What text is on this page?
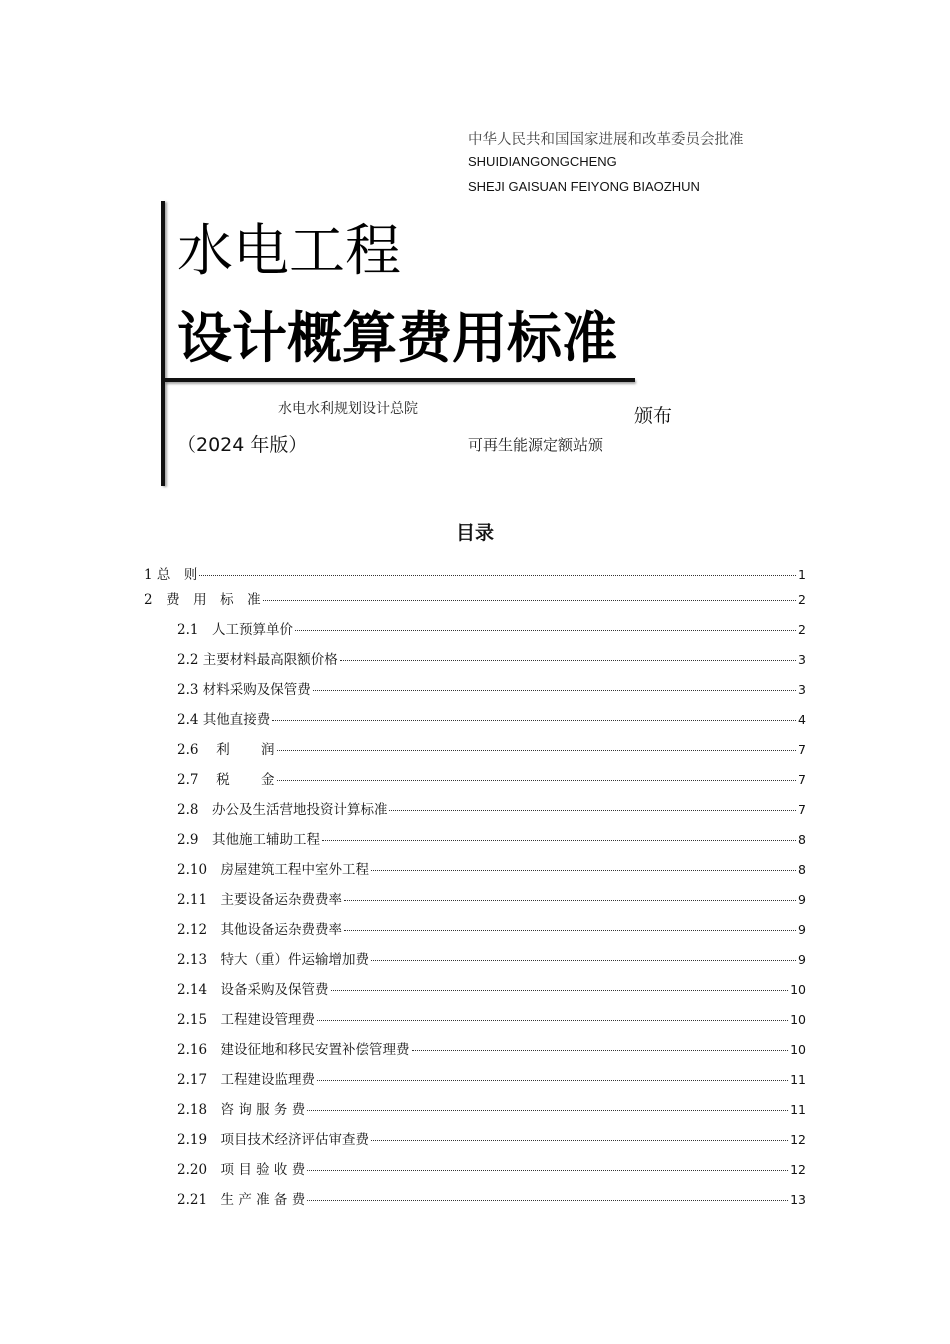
中华人民共和国国家进展和改革委员会批准
SHUIDIANGONGCHENG
SHEJI GAISUAN FEIYONG BIAOZHUN
水电工程
设计概算费用标准
水电水利规划设计总院	颁布
（2024 年版）	可再生能源定额站颁
目录
1 总　则	1
2　费　用　标　准	2
2.1　人工预算单价	2
2.2 主要材料最高限额价格	3
2.3 材料采购及保管费	3
2.4 其他直接费	4
2.6　 利　　 润	7
2.7　 税　　 金	7
2.8　办公及生活营地投资计算标准	7
2.9　其他施工辅助工程	8
2.10　房屋建筑工程中室外工程	8
2.11　主要设备运杂费费率	9
2.12　其他设备运杂费费率	9
2.13　特大（重）件运输增加费	9
2.14　设备采购及保管费	10
2.15　工程建设管理费	10
2.16　建设征地和移民安置补偿管理费	10
2.17　工程建设监理费	11
2.18　咨 询 服 务 费	11
2.19　项目技术经济评估审查费	12
2.20　项 目 验 收 费	12
2.21　生 产 准 备 费	13
